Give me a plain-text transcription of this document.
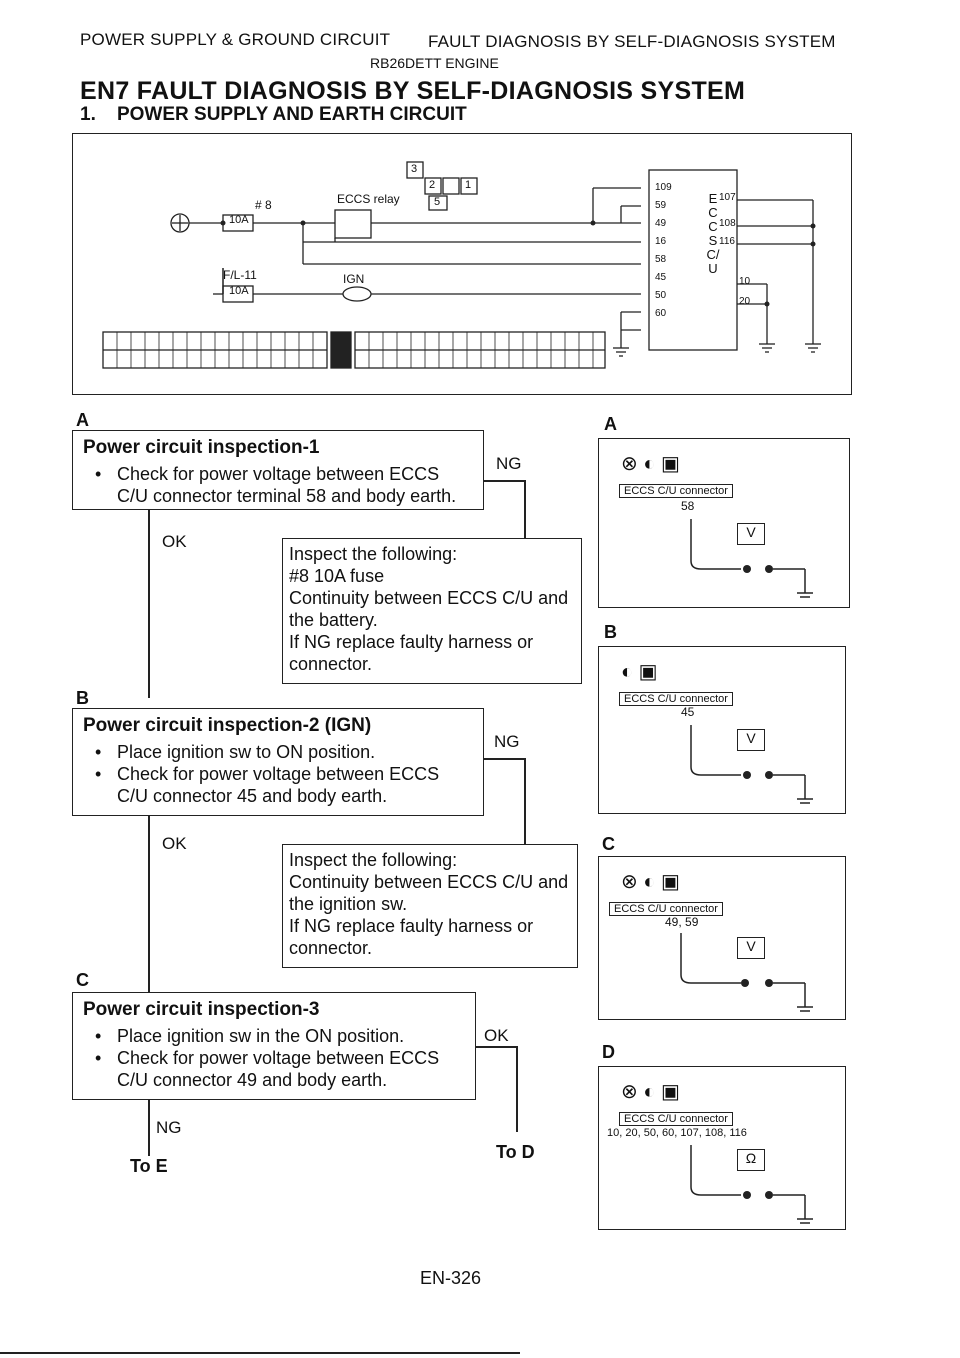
POWER SUPPLY & GROUND CIRCUIT FAULT DIAGNOSIS BY SELF-DIAGNOSIS SYSTEM
RB26DETT ENGINE
EN7 FAULT DIAGNOSIS BY SELF-DIAGNOSIS SYSTEM
1.    POWER SUPPLY AND EARTH CIRCUIT
# 8
10A
ECCS relay
3
2	1
5
F/L-11
10A
IGN
ECCS C/U
109
59
49
16
58
45
50
60
107
108
116
10
20
A
Power circuit inspection-1
• Check for power voltage between ECCS C/U connector terminal 58 and body earth.
NG
OK
Inspect the following:
#8 10A fuse
Continuity between ECCS C/U and the battery.
If NG replace faulty harness or connector.
B
Power circuit inspection-2 (IGN)
• Place ignition sw to ON position.
• Check for power voltage between ECCS C/U connector 45 and body earth.
NG
OK
Inspect the following:
Continuity between ECCS C/U and the ignition sw.
If NG replace faulty harness or connector.
C
Power circuit inspection-3
• Place ignition sw in the ON position.
• Check for power voltage between ECCS C/U connector 49 and body earth.
OK
NG
To E
To D
A
⊗ ◐ ▣
ECCS C/U connector
58
V
B
◐ ▣
ECCS C/U connector
45
V
C
⊗ ◐ ▣
ECCS C/U connector
49, 59
V
D
⊗ ◐ ▣
ECCS C/U connector
10, 20, 50, 60, 107, 108, 116
Ω
EN-326
